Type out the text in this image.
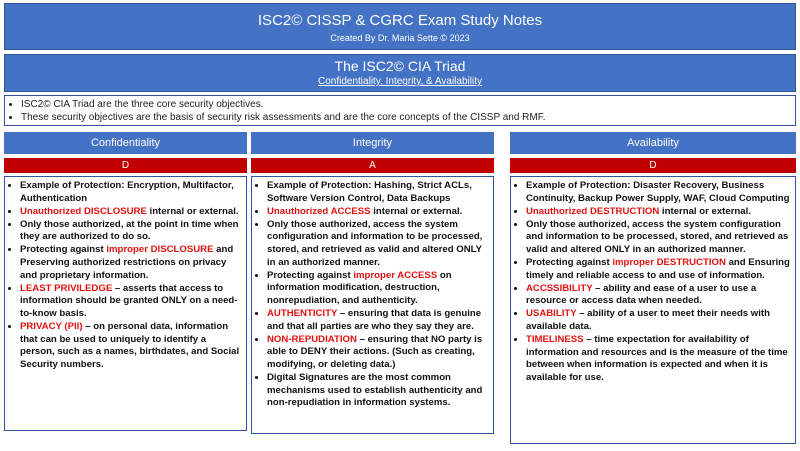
ISC2© CISSP & CGRC Exam Study Notes
Created By Dr. Maria Sette © 2023
The ISC2© CIA Triad
Confidentiality, Integrity, & Availability
• ISC2© CIA Triad are the three core security objectives.
• These security objectives are the basis of security risk assessments and are the core concepts of the CISSP and RMF.
Confidentiality
D
• Example of Protection: Encryption, Multifactor, Authentication
• Unauthorized DISCLOSURE internal or external.
• Only those authorized, at the point in time when they are authorized to do so.
• Protecting against improper DISCLOSURE and Preserving authorized restrictions on privacy and proprietary information.
• LEAST PRIVILEDGE – asserts that access to information should be granted ONLY on a need-to-know basis.
• PRIVACY (PII) – on personal data, information that can be used to uniquely to identify a person, such as a names, birthdates, and Social Security numbers.
Integrity
A
• Example of Protection: Hashing, Strict ACLs, Software Version Control, Data Backups
• Unauthorized ACCESS internal or external.
• Only those authorized, access the system configuration and information to be processed, stored, and retrieved as valid and altered ONLY in an authorized manner.
• Protecting against improper ACCESS on information modification, destruction, nonrepudiation, and authenticity.
• AUTHENTICITY – ensuring that data is genuine and that all parties are who they say they are.
• NON-REPUDIATION – ensuring that NO party is able to DENY their actions. (Such as creating, modifying, or deleting data.)
• Digital Signatures are the most common mechanisms used to establish authenticity and non-repudiation in information systems.
Availability
D
• Example of Protection: Disaster Recovery, Business Continuity, Backup Power Supply, WAF, Cloud Computing
• Unauthorized DESTRUCTION internal or external.
• Only those authorized, access the system configuration and information to be processed, stored, and retrieved as valid and altered ONLY in an authorized manner.
• Protecting against improper DESTRUCTION and Ensuring timely and reliable access to and use of information.
• ACCSSIBILITY – ability and ease of a user to use a resource or access data when needed.
• USABILITY – ability of a user to meet their needs with available data.
• TIMELINESS – time expectation for availability of information and resources and is the measure of the time between when information is expected and when it is available for use.
